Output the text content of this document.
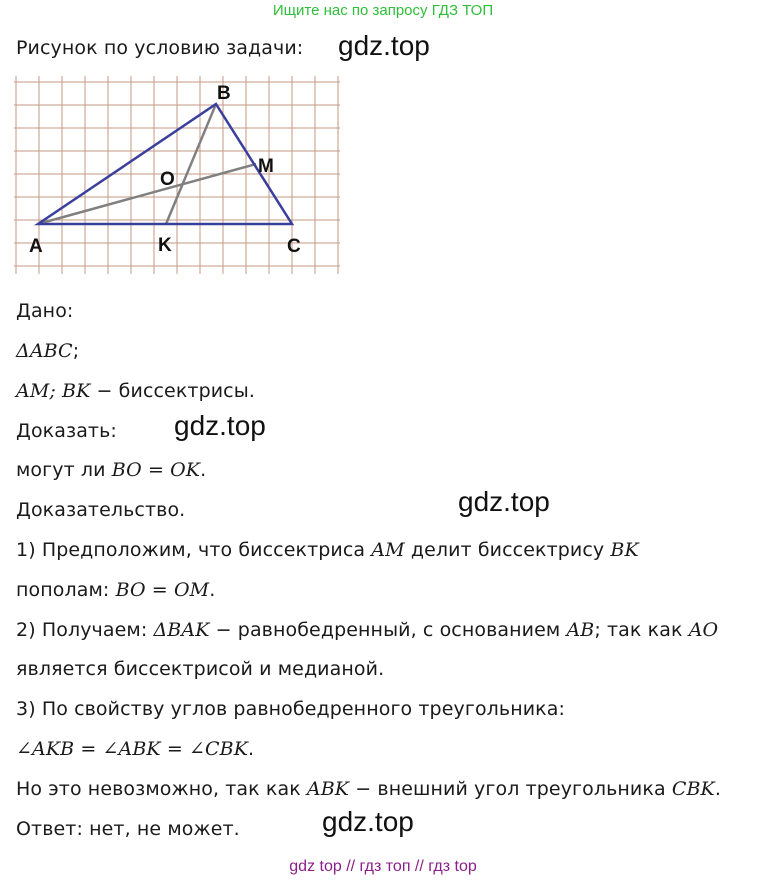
Ищите нас по запросу ГДЗ ТОП
Рисунок по условию задачи: gdz.top
A
B
C
M
O
K
Дано:
ΔABC;
AM; BK − биссектрисы.
Доказать: gdz.top
могут ли BO = OK.
Доказательство.	gdz.top
1) Предположим, что биссектриса AM делит биссектрису BK
пополам: BO = OM.
2) Получаем: ΔBAK − равнобедренный, с основанием AB; так как AO
является биссектрисой и медианой.
3) По свойству углов равнобедренного треугольника:
∠AKB = ∠ABK = ∠CBK.
Но это невозможно, так как ABK − внешний угол треугольника CBK.
Ответ: нет, не может.	gdz.top
gdz top // гдз топ // гдз top
